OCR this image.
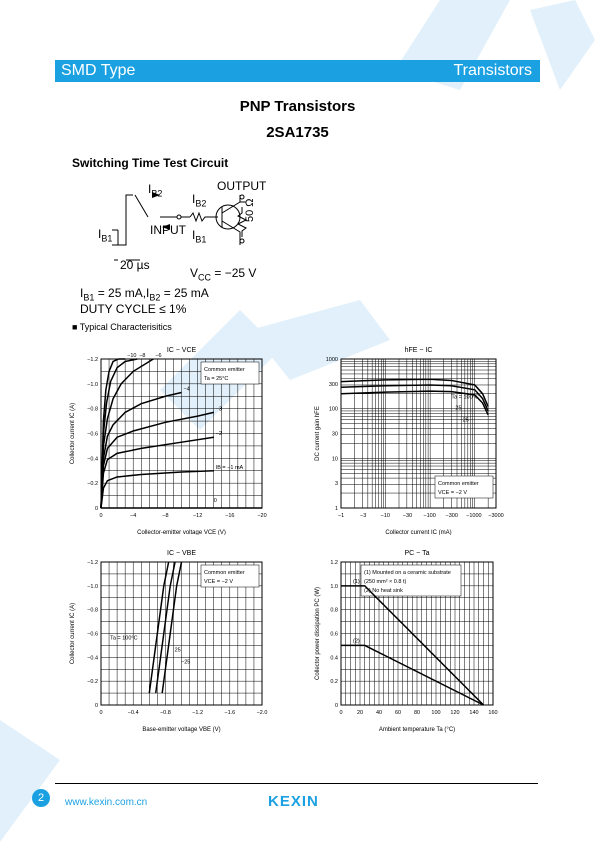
SMD Type	Transistors
PNP Transistors
2SA1735
Switching Time Test Circuit
$I_{B2}$ $I_{B2}$
$I_{B1}$
$I_{B1}$
OUTPUT
INPUT
20 µs
50 Ω
$V_{CC} = -25$ V
$I_{B1} = 25$ $mA,I_{B2} = 25$ mA
DUTY CYCLE ≤ 1%
■ Typical Characterisitics
0	−4	−8	−12	−16	−20
0
−0.2
−0.4
−0.6
−0.8
−1.0
−1.2
IC − VCE
Collector-emitter voltage VCE (V)
Collector current IC (A)
Common emitter
Ta = 25°C
−10 −8 −6
−4
−3
−2
IB = −1 mA
0
−1	−3	−10 −30 −100 −300 −1000 −3000
1
3
10
30
100
300
1000
hFE − IC
Collector current IC (mA)
DC current gain hFE
Common emitter
VCE = −2 V
Ta = 100°C
25
−25
0	−0.4	−0.8	−1.2	−1.6	−2.0
0
−0.2
−0.4
−0.6
−0.8
−1.0
−1.2
IC − VBE
Base-emitter voltage VBE (V)
Collector current IC (A)
Common emitter
VCE = −2 V
Ta = 100°C
25
−25
0	20 40 60 80 100 120 140 160
0
0.2
0.4
0.6
0.8
1.0
1.2
PC − Ta
Ambient temperature Ta (°C)
Collector power dissipation PC (W)
(1) Mounted on a ceramic substrate
(250 mm² × 0.8 t)
(2) No heat sink
(1)
(2)
2	www.kexin.com.cn	KEXIN
